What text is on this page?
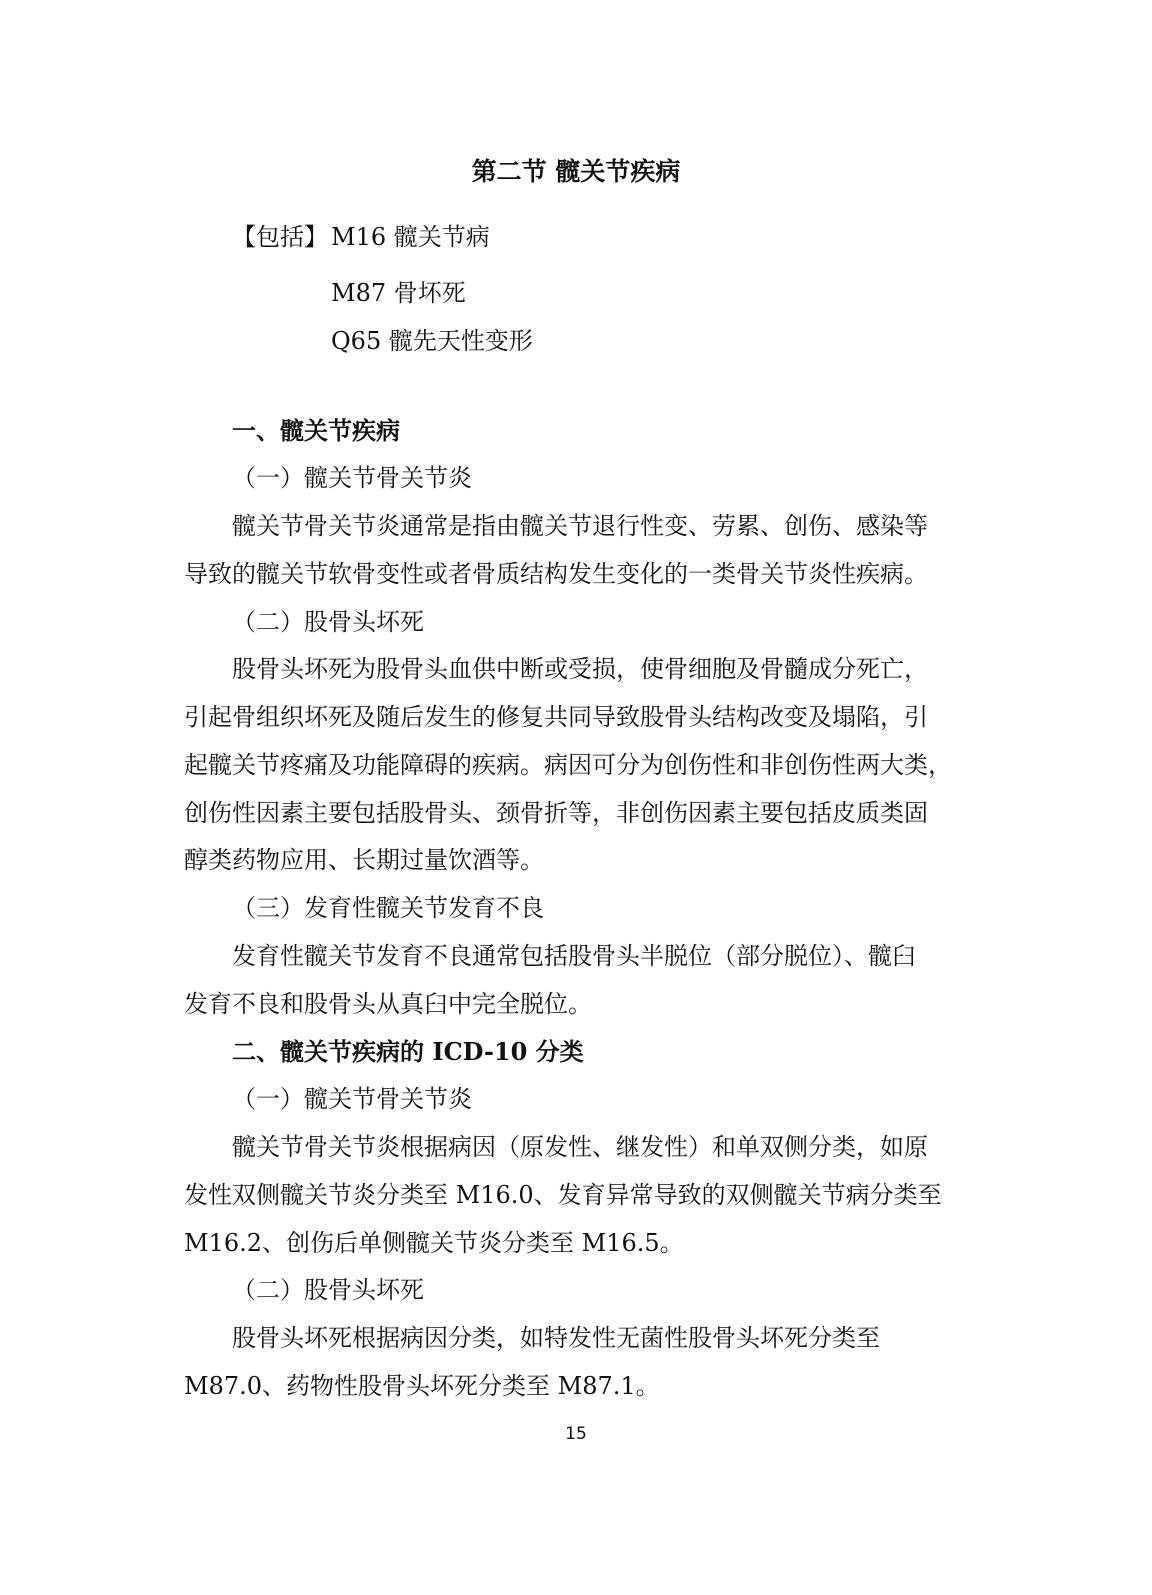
第二节 髋关节疾病
【包括】 M16 髋关节病
M87 骨坏死
Q65 髋先天性变形
一、髋关节疾病
（一）髋关节骨关节炎
髋关节骨关节炎通常是指由髋关节退行性变、劳累、创伤、感染等
导致的髋关节软骨变性或者骨质结构发生变化的一类骨关节炎性疾病。
（二）股骨头坏死
股骨头坏死为股骨头血供中断或受损，使骨细胞及骨髓成分死亡，
引起骨组织坏死及随后发生的修复共同导致股骨头结构改变及塌陷，引
起髋关节疼痛及功能障碍的疾病。病因可分为创伤性和非创伤性两大类，
创伤性因素主要包括股骨头、颈骨折等，非创伤因素主要包括皮质类固
醇类药物应用、长期过量饮酒等。
（三）发育性髋关节发育不良
发育性髋关节发育不良通常包括股骨头半脱位（部分脱位）、髋臼
发育不良和股骨头从真臼中完全脱位。
二、髋关节疾病的 ICD-10 分类
（一）髋关节骨关节炎
髋关节骨关节炎根据病因（原发性、继发性）和单双侧分类，如原
发性双侧髋关节炎分类至 M16.0、发育异常导致的双侧髋关节病分类至
M16.2、创伤后单侧髋关节炎分类至 M16.5。
（二）股骨头坏死
股骨头坏死根据病因分类，如特发性无菌性股骨头坏死分类至
M87.0、药物性股骨头坏死分类至 M87.1。
15
